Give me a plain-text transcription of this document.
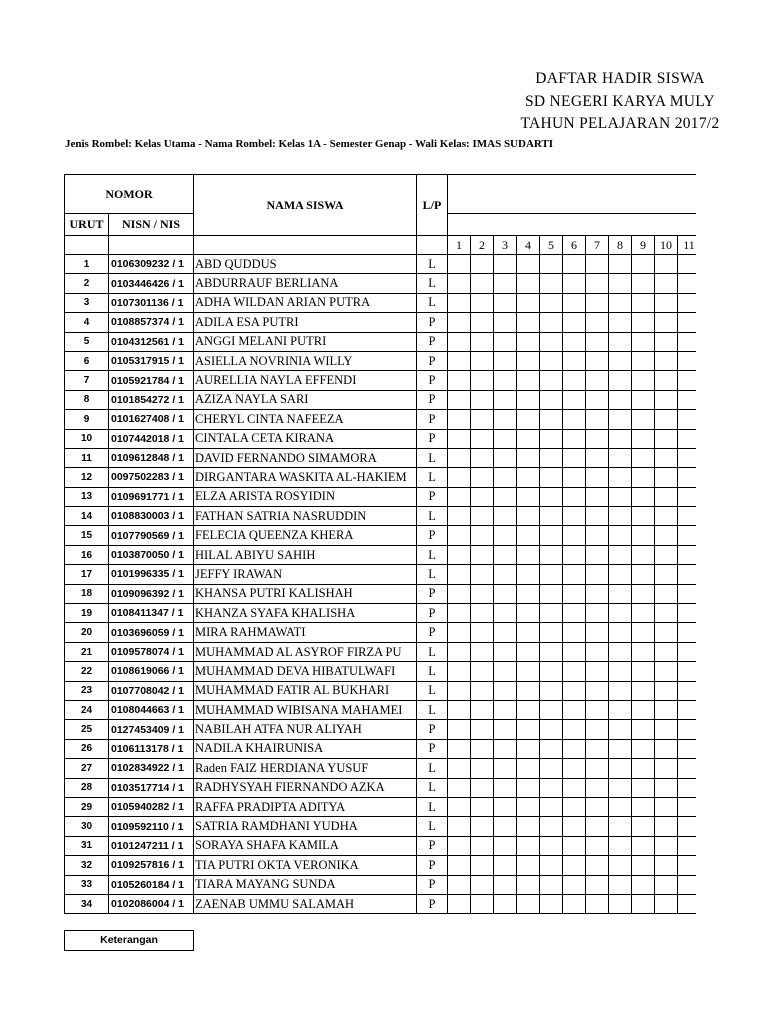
DAFTAR HADIR SISWA
SD NEGERI KARYA MULY
TAHUN PELAJARAN 2017/2
Jenis Rombel: Kelas Utama - Nama Rombel: Kelas 1A - Semester Genap - Wali Kelas: IMAS SUDARTI
NOMOR		NAMA SISWA	L/P												
URUT	NISN / NIS														
				1	2	3	4	5	6	7	8	9	10	11	
1	0106309232 / 1	ABD QUDDUS	L												
2	0103446426 / 1	ABDURRAUF BERLIANA	L												
3	0107301136 / 1	ADHA WILDAN ARIAN PUTRA	L												
4	0108857374 / 1	ADILA ESA PUTRI	P												
5	0104312561 / 1	ANGGI MELANI PUTRI	P												
6	0105317915 / 1	ASIELLA NOVRINIA WILLY	P												
7	0105921784 / 1	AURELLIA NAYLA EFFENDI	P												
8	0101854272 / 1	AZIZA NAYLA SARI	P												
9	0101627408 / 1	CHERYL CINTA NAFEEZA	P												
10	0107442018 / 1	CINTALA CETA KIRANA	P												
11	0109612848 / 1	DAVID FERNANDO SIMAMORA	L												
12	0097502283 / 1	DIRGANTARA WASKITA AL-HAKIEM	L												
13	0109691771 / 1	ELZA ARISTA ROSYIDIN	P												
14	0108830003 / 1	FATHAN SATRIA NASRUDDIN	L												
15	0107790569 / 1	FELECIA QUEENZA KHERA	P												
16	0103870050 / 1	HILAL ABIYU SAHIH	L												
17	0101996335 / 1	JEFFY IRAWAN	L												
18	0109096392 / 1	KHANSA PUTRI KALISHAH	P												
19	0108411347 / 1	KHANZA SYAFA KHALISHA	P												
20	0103696059 / 1	MIRA RAHMAWATI	P												
21	0109578074 / 1	MUHAMMAD AL ASYROF FIRZA PU	L												
22	0108619066 / 1	MUHAMMAD DEVA HIBATULWAFI	L												
23	0107708042 / 1	MUHAMMAD FATIR AL BUKHARI	L												
24	0108044663 / 1	MUHAMMAD WIBISANA MAHAMEI	L												
25	0127453409 / 1	NABILAH ATFA NUR ALIYAH	P												
26	0106113178 / 1	NADILA KHAIRUNISA	P												
27	0102834922 / 1	Raden FAIZ HERDIANA YUSUF	L												
28	0103517714 / 1	RADHYSYAH FIERNANDO AZKA	L												
29	0105940282 / 1	RAFFA PRADIPTA ADITYA	L												
30	0109592110 / 1	SATRIA RAMDHANI YUDHA	L												
31	0101247211 / 1	SORAYA SHAFA KAMILA	P												
32	0109257816 / 1	TIA PUTRI OKTA VERONIKA	P												
33	0105260184 / 1	TIARA MAYANG SUNDA	P												
34	0102086004 / 1	ZAENAB UMMU SALAMAH	P												
Keterangan
